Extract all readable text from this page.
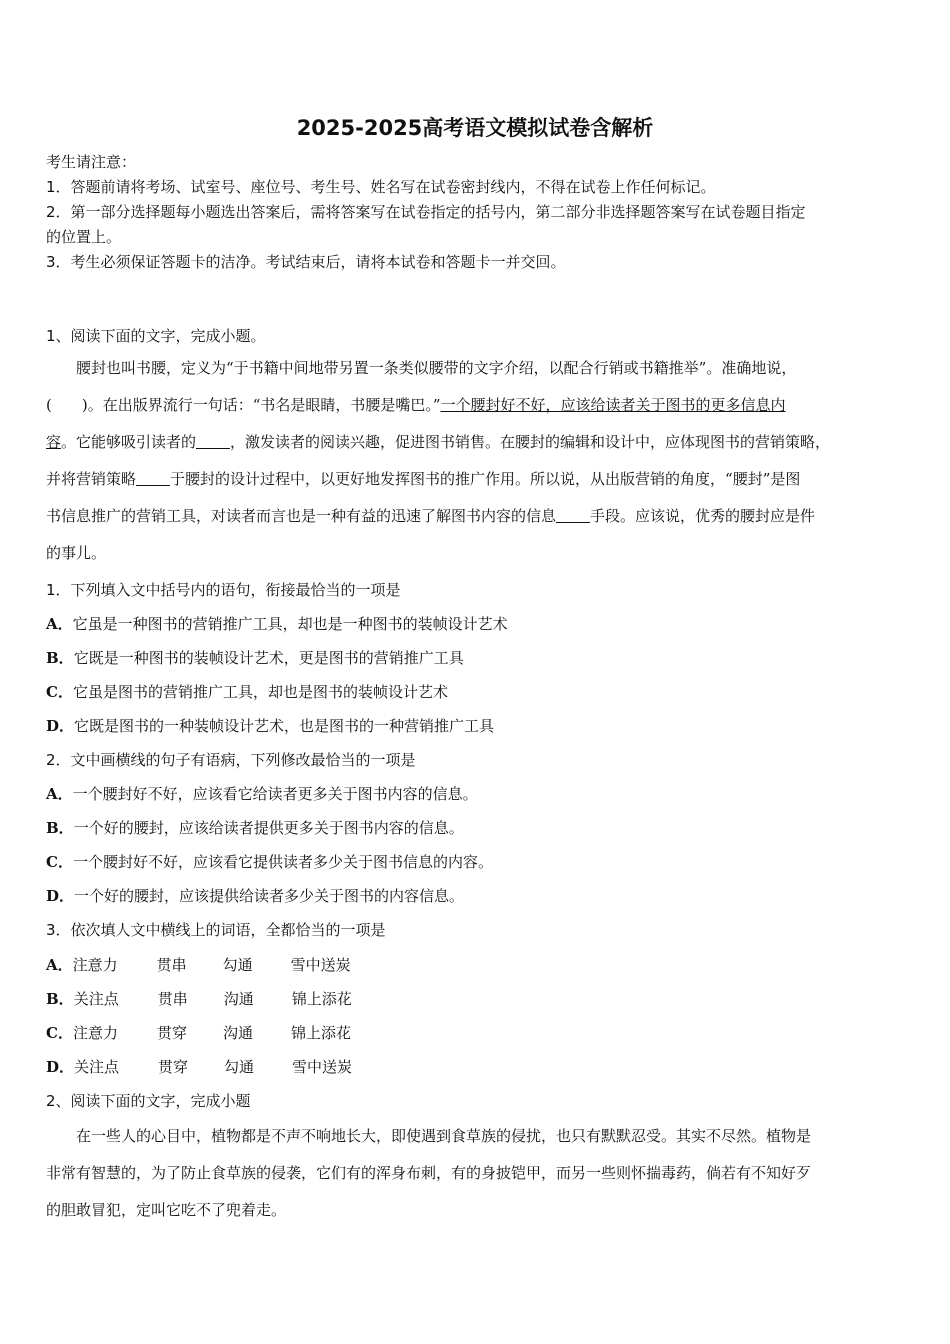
2025-2025高考语文模拟试卷含解析
考生请注意：
1．答题前请将考场、试室号、座位号、考生号、姓名写在试卷密封线内，不得在试卷上作任何标记。
2．第一部分选择题每小题选出答案后，需将答案写在试卷指定的括号内，第二部分非选择题答案写在试卷题目指定
的位置上。
3．考生必须保证答题卡的洁净。考试结束后，请将本试卷和答题卡一并交回。
1、阅读下面的文字，完成小题。
腰封也叫书腰，定义为“于书籍中间地带另置一条类似腰带的文字介绍，以配合行销或书籍推举”。准确地说，
(　　)。在出版界流行一句话：“书名是眼睛，书腰是嘴巴。”一个腰封好不好，应该给读者关于图书的更多信息内
容。它能够吸引读者的 ，激发读者的阅读兴趣，促进图书销售。在腰封的编辑和设计中，应体现图书的营销策略，
并将营销策略 于腰封的设计过程中，以更好地发挥图书的推广作用。所以说，从出版营销的角度，“腰封”是图
书信息推广的营销工具，对读者而言也是一种有益的迅速了解图书内容的信息 手段。应该说，优秀的腰封应是件
的事儿。
1．下列填入文中括号内的语句，衔接最恰当的一项是
A．它虽是一种图书的营销推广工具，却也是一种图书的装帧设计艺术
B．它既是一种图书的装帧设计艺术，更是图书的营销推广工具
C．它虽是图书的营销推广工具，却也是图书的装帧设计艺术
D．它既是图书的一种装帧设计艺术，也是图书的一种营销推广工具
2．文中画横线的句子有语病，下列修改最恰当的一项是
A．一个腰封好不好，应该看它给读者更多关于图书内容的信息。
B．一个好的腰封，应该给读者提供更多关于图书内容的信息。
C．一个腰封好不好，应该看它提供读者多少关于图书信息的内容。
D．一个好的腰封，应该提供给读者多少关于图书的内容信息。
3．依次填人文中横线上的词语，全都恰当的一项是
A．注意力	贯串 勾通	雪中送炭
B．关注点	贯串 沟通	锦上添花
C．注意力	贯穿 沟通	锦上添花
D．关注点	贯穿 勾通	雪中送炭
2、阅读下面的文字，完成小题
在一些人的心目中，植物都是不声不响地长大，即使遇到食草族的侵扰，也只有默默忍受。其实不尽然。植物是
非常有智慧的，为了防止食草族的侵袭，它们有的浑身布刺，有的身披铠甲，而另一些则怀揣毒药，倘若有不知好歹
的胆敢冒犯，定叫它吃不了兜着走。
